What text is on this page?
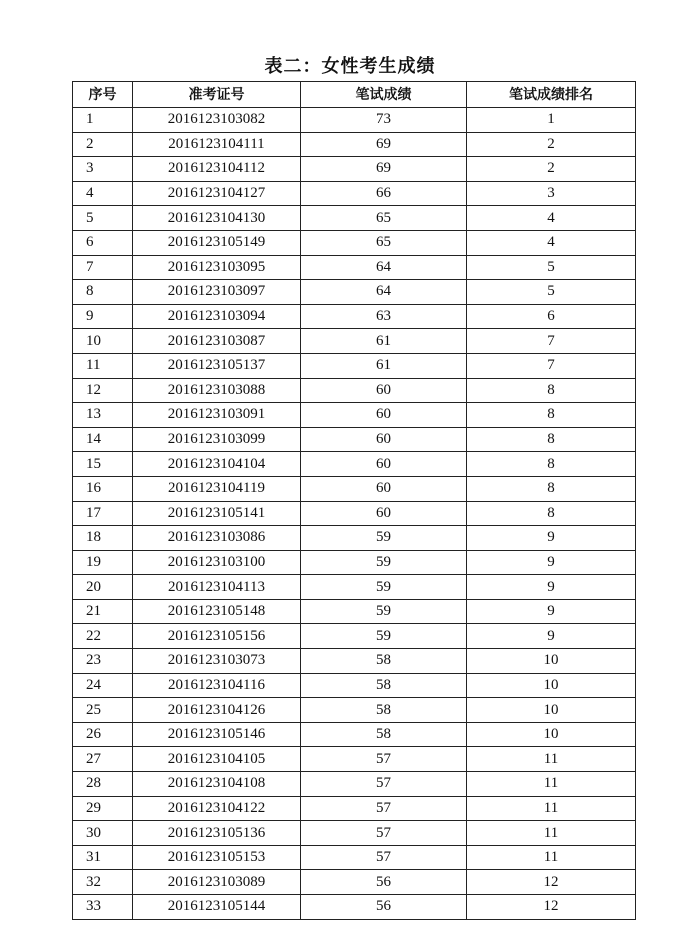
表二：女性考生成绩
序号	准考证号	笔试成绩	笔试成绩排名
1	2016123103082	73	1
2	2016123104111	69	2
3	2016123104112	69	2
4	2016123104127	66	3
5	2016123104130	65	4
6	2016123105149	65	4
7	2016123103095	64	5
8	2016123103097	64	5
9	2016123103094	63	6
10	2016123103087	61	7
11	2016123105137	61	7
12	2016123103088	60	8
13	2016123103091	60	8
14	2016123103099	60	8
15	2016123104104	60	8
16	2016123104119	60	8
17	2016123105141	60	8
18	2016123103086	59	9
19	2016123103100	59	9
20	2016123104113	59	9
21	2016123105148	59	9
22	2016123105156	59	9
23	2016123103073	58	10
24	2016123104116	58	10
25	2016123104126	58	10
26	2016123105146	58	10
27	2016123104105	57	11
28	2016123104108	57	11
29	2016123104122	57	11
30	2016123105136	57	11
31	2016123105153	57	11
32	2016123103089	56	12
33	2016123105144	56	12
